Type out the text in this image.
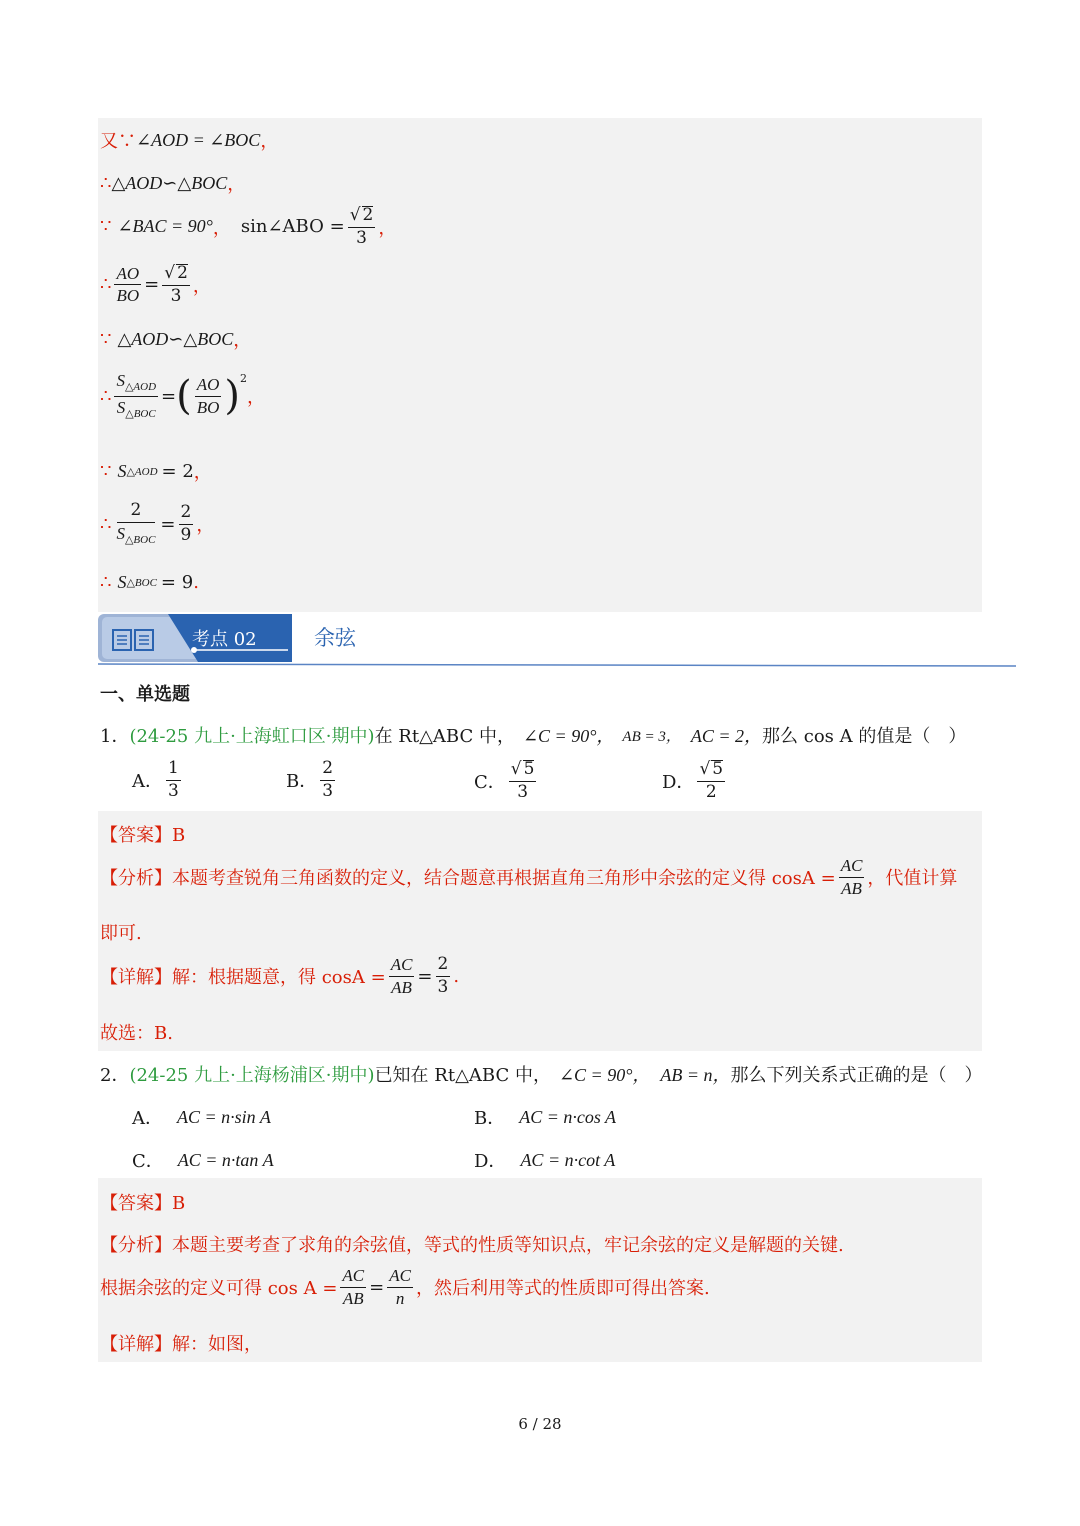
又∵ ∠AOD = ∠BOC ，
∴ △AOD∽△BOC ，
∵ ∠BAC = 90° ， sin∠ABO = $\frac{√ 2}{3}$ ，
∴ $\frac{AO}{BO} = \frac{√ 2}{3}$ ，
∵ △AOD∽△BOC ，
∴ $\frac{S_{\triangle AOD}}{S_{\triangle BOC}}$ = ( $\frac{AO}{BO}$ ) 2
，
∵ S △AOD = 2 ，
∴ $\frac{2}{S_{\triangle BOC}} = \frac{2}{9}$ ，
∴ S △BOC = 9 .
考点 02	余弦
一、单选题
1． (24-25 九上·上海虹口区·期中) 在 Rt△ABC 中， ∠C = 90°， AB = 3， AC = 2， 那么 cos A 的值是（　）
A． $\frac{1}{3}$	B． $\frac{2}{3}$	C． $\frac{√ 5}{3}$	D． $\frac{√ 5}{2}$
【答案】B
【分析】本题考查锐角三角函数的定义，结合题意再根据直角三角形中余弦的定义得 $\cos A = \frac{AC}{AB}$ ，代值计算
即可.
【详解】解：根据题意，得 $\cos A = \frac{AC}{AB} = \frac{2}{3}$ .
故选：B.
2． (24-25 九上·上海杨浦区·期中) 已知在 Rt△ABC 中， ∠C = 90°， AB = n， 那么下列关系式正确的是（　）
A． AC = n·sin A	B． AC = n·cos A
C． AC = n·tan A	D． AC = n·cot A
【答案】B
【分析】本题主要考查了求角的余弦值，等式的性质等知识点，牢记余弦的定义是解题的关键.
根据余弦的定义可得 $\cos A = \frac{AC}{AB} = \frac{AC}{n}$ ，然后利用等式的性质即可得出答案.
【详解】解：如图，
6 / 28
